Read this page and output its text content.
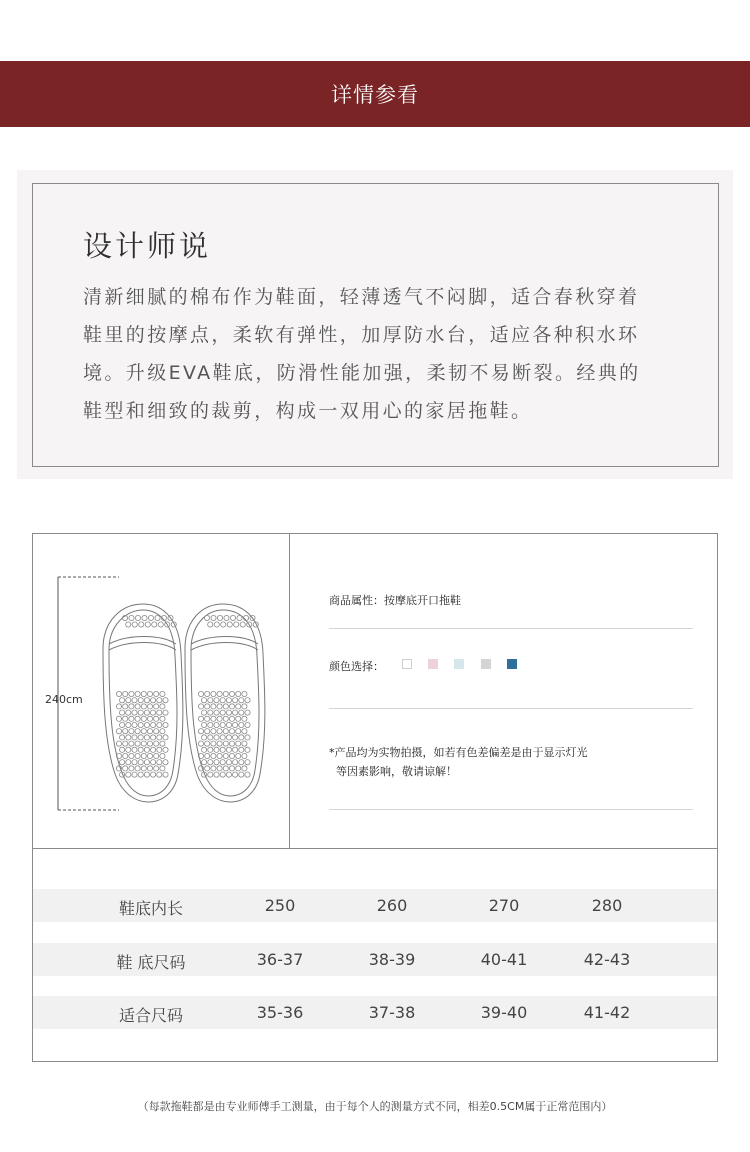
详情参看
设计师说
清新细腻的棉布作为鞋面，轻薄透气不闷脚，适合春秋穿着
鞋里的按摩点，柔软有弹性，加厚防水台，适应各种积水环
境。升级EVA鞋底，防滑性能加强，柔韧不易断裂。经典的
鞋型和细致的裁剪，构成一双用心的家居拖鞋。
240cm
商品属性：按摩底开口拖鞋
颜色选择：
*产品均为实物拍摄，如若有色差偏差是由于显示灯光
等因素影响，敬请谅解！
鞋底内长	250	260	270	280
鞋 底尺码	36-37	38-39	40-41	42-43
适合尺码	35-36	37-38	39-40	41-42
（每款拖鞋都是由专业师傅手工测量，由于每个人的测量方式不同，相差0.5CM属于正常范围内）
